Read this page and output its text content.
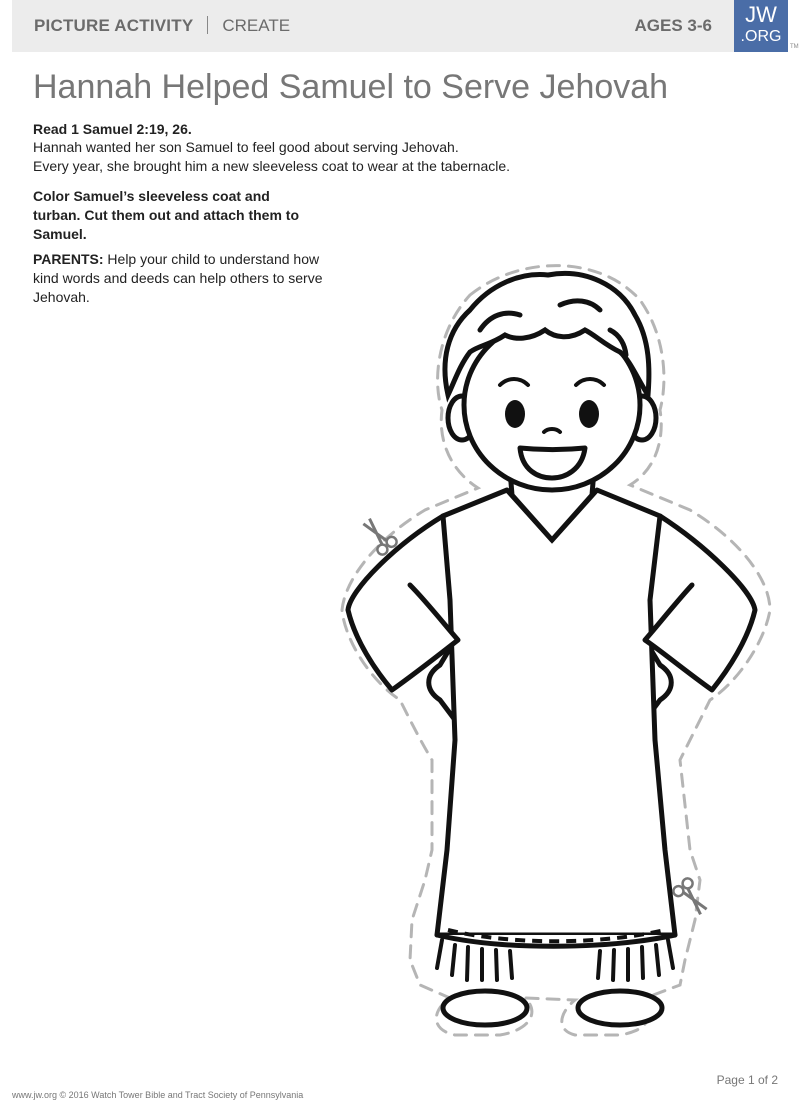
PICTURE ACTIVITY CREATE	AGES 3-6	JW
.ORG
TM
Hannah Helped Samuel to Serve Jehovah
Read 1 Samuel 2:19, 26.
Hannah wanted her son Samuel to feel good about serving Jehovah.
Every year, she brought him a new sleeveless coat to wear at the tabernacle.
Color Samuel’s sleeveless coat and turban. Cut them out and attach them to Samuel.
PARENTS: Help your child to understand how kind words and deeds can help others to serve Jehovah.
www.jw.org © 2016 Watch Tower Bible and Tract Society of Pennsylvania
Page 1 of 2
